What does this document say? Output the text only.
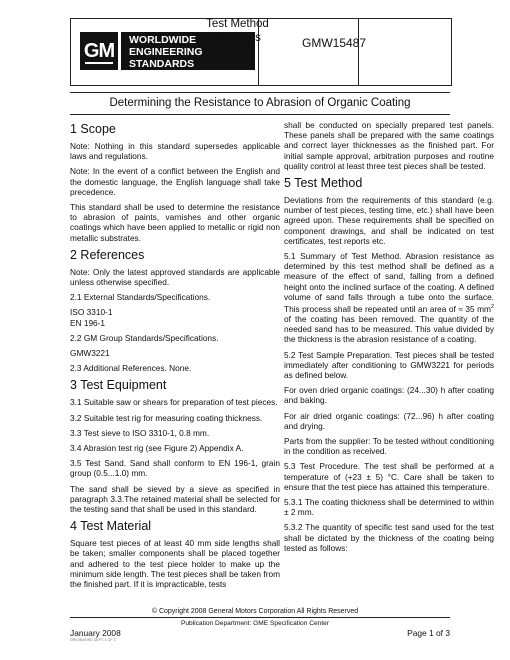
GM	WORLDWIDE
ENGINEERING
STANDARDS
Test Method
Materials	GMW15487
Determining the Resistance to Abrasion of Organic Coating
1 Scope

Note: Nothing in this standard supersedes applicable laws and regulations.

Note: In the event of a conflict between the English and the domestic language, the English language shall take precedence.

This standard shall be used to determine the resistance to abrasion of paints, varnishes and other organic coatings which have been applied to metallic or rigid non metallic substrates.

2 References

Note: Only the latest approved standards are applicable unless otherwise specified.

2.1 External Standards/Specifications.

ISO 3310-1

EN 196-1

2.2 GM Group Standards/Specifications.

GMW3221

2.3 Additional References. None.

3 Test Equipment

3.1 Suitable saw or shears for preparation of test pieces.

3.2 Suitable test rig for measuring coating thickness.

3.3 Test sieve to ISO 3310-1, 0.8 mm.

3.4 Abrasion test rig (see Figure 2) Appendix A.

3.5 Test Sand. Sand shall conform to EN 196-1, grain group (0.5...1.0) mm.

The sand shall be sieved by a sieve as specified in paragraph 3.3.The retained material shall be selected for the testing sand that shall be used in this standard.

4 Test Material

Square test pieces of at least 40 mm side lengths shall be taken; smaller components shall be placed together and adhered to the test piece holder to make up the minimum side length. The test pieces shall be taken from the finished part. If it is impracticable, tests

shall be conducted on specially prepared test panels. These panels shall be prepared with the same coatings and correct layer thicknesses as the finished part. For initial sample approval, arbitration purposes and routine quality control at least three test pieces shall be tested.

5 Test Method

Deviations from the requirements of this standard (e.g. number of test pieces, testing time, etc.) shall have been agreed upon. These requirements shall be specified on component drawings, and shall be indicated on test certificates, test reports etc.

5.1 Summary of Test Method. Abrasion resistance as determined by this test method shall be defined as a measure of the effect of sand, falling from a defined height onto the inclined surface of the coating. A defined volume of sand falls through a tube onto the surface. This process shall be repeated until an area of ≈ 35 $mm^2$ of the coating has been removed. The quantity of the needed sand has to be measured. This value divided by the thickness is the abrasion resistance of a coating.

5.2 Test Sample Preparation. Test pieces shall be tested immediately after conditioning to GMW3221 for periods as defined below.

For oven dried organic coatings: (24...30) h after coating and baking.

For air dried organic coatings: (72...96) h after coating and drying.

Parts from the supplier: To be tested without conditioning in the condition as received.

5.3 Test Procedure. The test shall be performed at a temperature of (+23 ± 5) °C. Care shall be taken to ensure that the test piece has attained this temperature.

5.3.1 The coating thickness shall be determined to within ± 2 mm.

5.3.2 The quantity of specific test sand used for the test shall be dictated by the thickness of the coating being tested as follows:

© Copyright 2008 General Motors Corporation All Rights Reserved
Publication Department: GME Specification Center
January 2008
ORIGINATING DEPT. 1 OF 3
Page 1 of 3
